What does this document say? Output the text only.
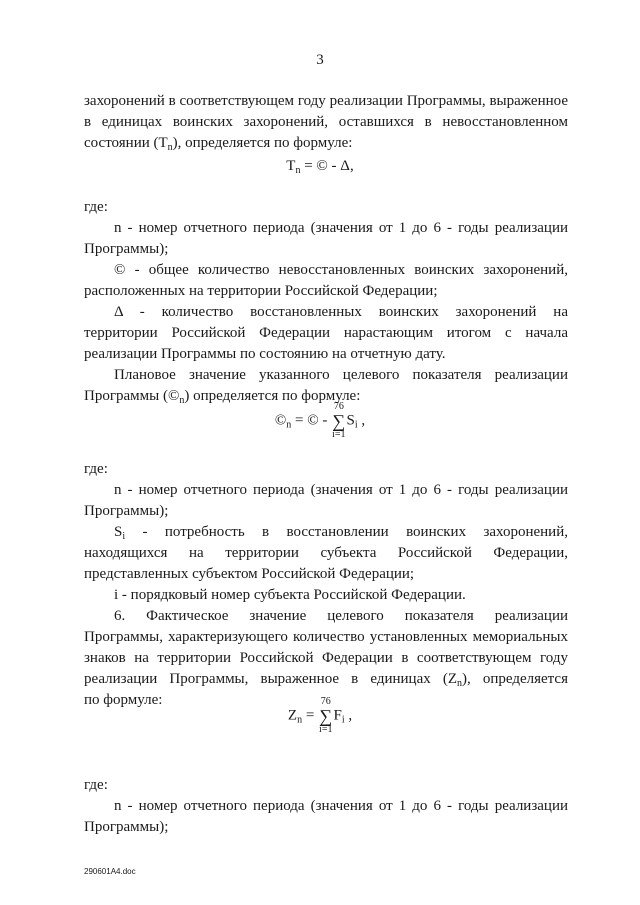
3
захоронений в соответствующем году реализации Программы, выраженное
в единицах воинских захоронений, оставшихся в невосстановленном
состоянии $(T_n)$, определяется по формуле:
$T_n$ = © - Δ,
где:
n - номер отчетного периода (значения от 1 до 6 - годы реализации
Программы);
© - общее количество невосстановленных воинских захоронений,
расположенных на территории Российской Федерации;
Δ - количество восстановленных воинских захоронений на
территории Российской Федерации нарастающим итогом с начала
реализации Программы по состоянию на отчетную дату.
Плановое значение указанного целевого показателя реализации
Программы $(©_n)$ определяется по формуле:
$©_n$ = © -
76
∑
i=1
$S_i$ ,
где:
n - номер отчетного периода (значения от 1 до 6 - годы реализации
Программы);
$S_i$ - потребность в восстановлении воинских захоронений,
находящихся на территории субъекта Российской Федерации,
представленных субъектом Российской Федерации;
i - порядковый номер субъекта Российской Федерации.
6. Фактическое значение целевого показателя реализации
Программы, характеризующего количество установленных мемориальных
знаков на территории Российской Федерации в соответствующем году
реализации Программы, выраженное в единицах $(Z_n)$, определяется
по формуле:
$Z_n$ =
76
∑
i=1
$F_i$ ,
где:
n - номер отчетного периода (значения от 1 до 6 - годы реализации
Программы);
290601А4.doc
